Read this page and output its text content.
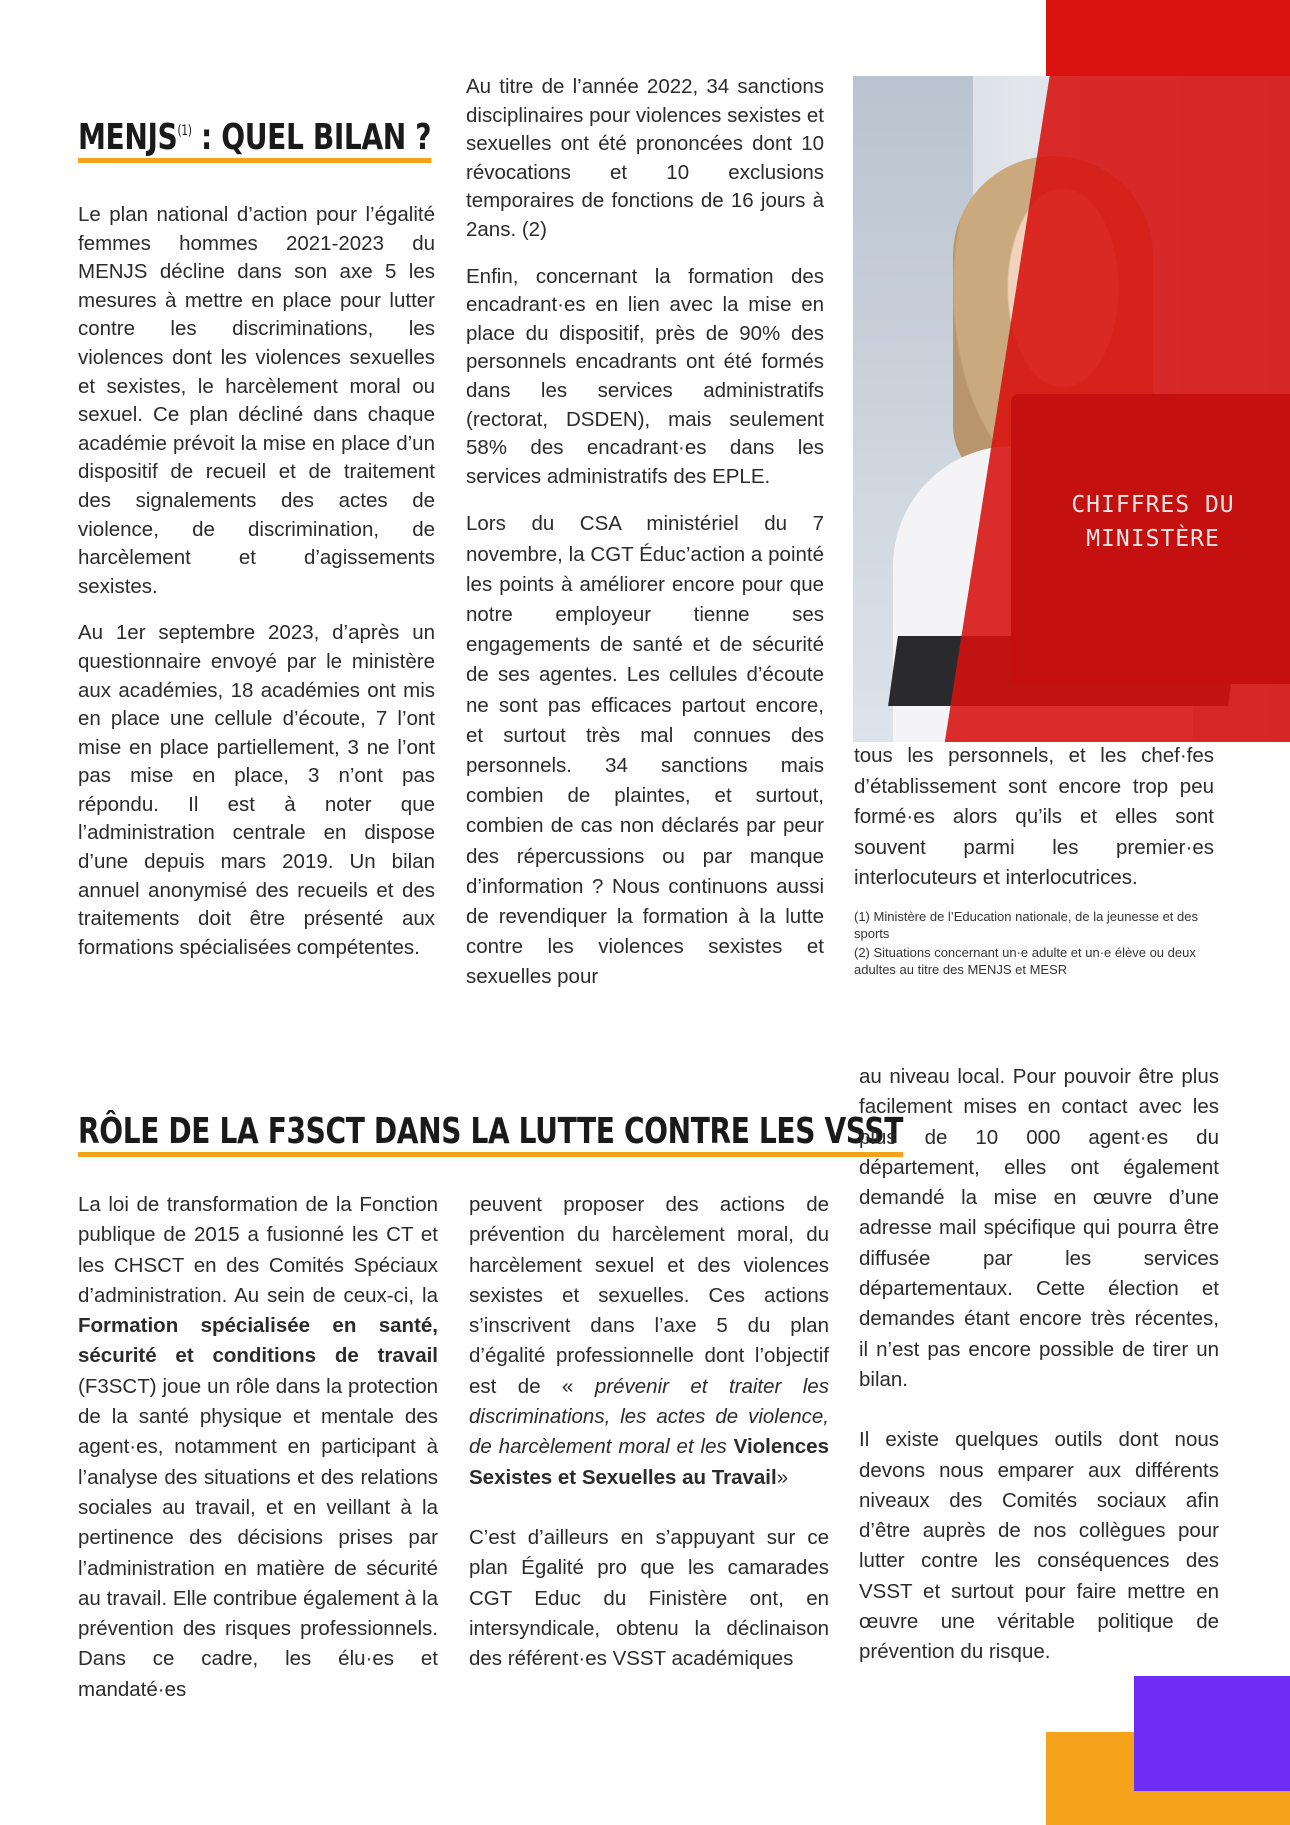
CHIFFRES DU
MINISTÈRE
MENJS$^{(1)}$ : QUEL BILAN ?

Le plan national d’action pour l’égalité femmes hommes 2021-2023 du MENJS décline dans son axe 5 les mesures à mettre en place pour lutter contre les discriminations, les violences dont les violences sexuelles et sexistes, le harcèlement moral ou sexuel. Ce plan décliné dans chaque académie prévoit la mise en place d’un dispositif de recueil et de traitement des signalements des actes de violence, de discrimination, de harcèlement et d’agissements sexistes.

Au 1er septembre 2023, d’après un questionnaire envoyé par le ministère aux académies, 18 académies ont mis en place une cellule d’écoute, 7 l’ont mise en place partiellement, 3 ne l’ont pas mise en place, 3 n’ont pas répondu. Il est à noter que l’administration centrale en dispose d’une depuis mars 2019. Un bilan annuel anonymisé des recueils et des traitements doit être présenté aux formations spécialisées compétentes.

Au titre de l’année 2022, 34 sanctions disciplinaires pour violences sexistes et sexuelles ont été prononcées dont 10 révocations et 10 exclusions temporaires de fonctions de 16 jours à 2ans. (2)

Enfin, concernant la formation des encadrant·es en lien avec la mise en place du dispositif, près de 90% des personnels encadrants ont été formés dans les services administratifs (rectorat, DSDEN), mais seulement 58% des encadrant·es dans les services administratifs des EPLE.

Lors du CSA ministériel du 7 novembre, la CGT Éduc’action a pointé les points à améliorer encore pour que notre employeur tienne ses engagements de santé et de sécurité de ses agentes. Les cellules d’écoute ne sont pas efficaces partout encore, et surtout très mal connues des personnels. 34 sanctions mais combien de plaintes, et surtout, combien de cas non déclarés par peur des répercussions ou par manque d’information ? Nous continuons aussi de revendiquer la formation à la lutte contre les violences sexistes et sexuelles pour

tous les personnels, et les chef·fes d’établissement sont encore trop peu formé·es alors qu’ils et elles sont souvent parmi les premier·es interlocuteurs et interlocutrices.

(1) Ministère de l’Education nationale, de la jeunesse et des sports

(2) Situations concernant un·e adulte et un·e élève ou deux adultes au titre des MENJS et MESR

RÔLE DE LA F3SCT DANS LA LUTTE CONTRE LES VSST

La loi de transformation de la Fonction publique de 2015 a fusionné les CT et les CHSCT en des Comités Spéciaux d’administration. Au sein de ceux-ci, la Formation spécialisée en santé, sécurité et conditions de travail (F3SCT) joue un rôle dans la protection de la santé physique et mentale des agent·es, notamment en participant à l’analyse des situations et des relations sociales au travail, et en veillant à la pertinence des décisions prises par l’administration en matière de sécurité au travail. Elle contribue également à la prévention des risques professionnels. Dans ce cadre, les élu·es et mandaté·es

peuvent proposer des actions de prévention du harcèlement moral, du harcèlement sexuel et des violences sexistes et sexuelles. Ces actions s’inscrivent dans l’axe 5 du plan d’égalité professionnelle dont l’objectif est de « prévenir et traiter les discriminations, les actes de violence, de harcèlement moral et les Violences Sexistes et Sexuelles au Travail»

C’est d’ailleurs en s’appuyant sur ce plan Égalité pro que les camarades CGT Educ du Finistère ont, en intersyndicale, obtenu la déclinaison des référent·es VSST académiques

au niveau local. Pour pouvoir être plus facilement mises en contact avec les plus de 10 000 agent·es du département, elles ont également demandé la mise en œuvre d’une adresse mail spécifique qui pourra être diffusée par les services départementaux. Cette élection et demandes étant encore très récentes, il n’est pas encore possible de tirer un bilan.

Il existe quelques outils dont nous devons nous emparer aux différents niveaux des Comités sociaux afin d’être auprès de nos collègues pour lutter contre les conséquences des VSST et surtout pour faire mettre en œuvre une véritable politique de prévention du risque.
